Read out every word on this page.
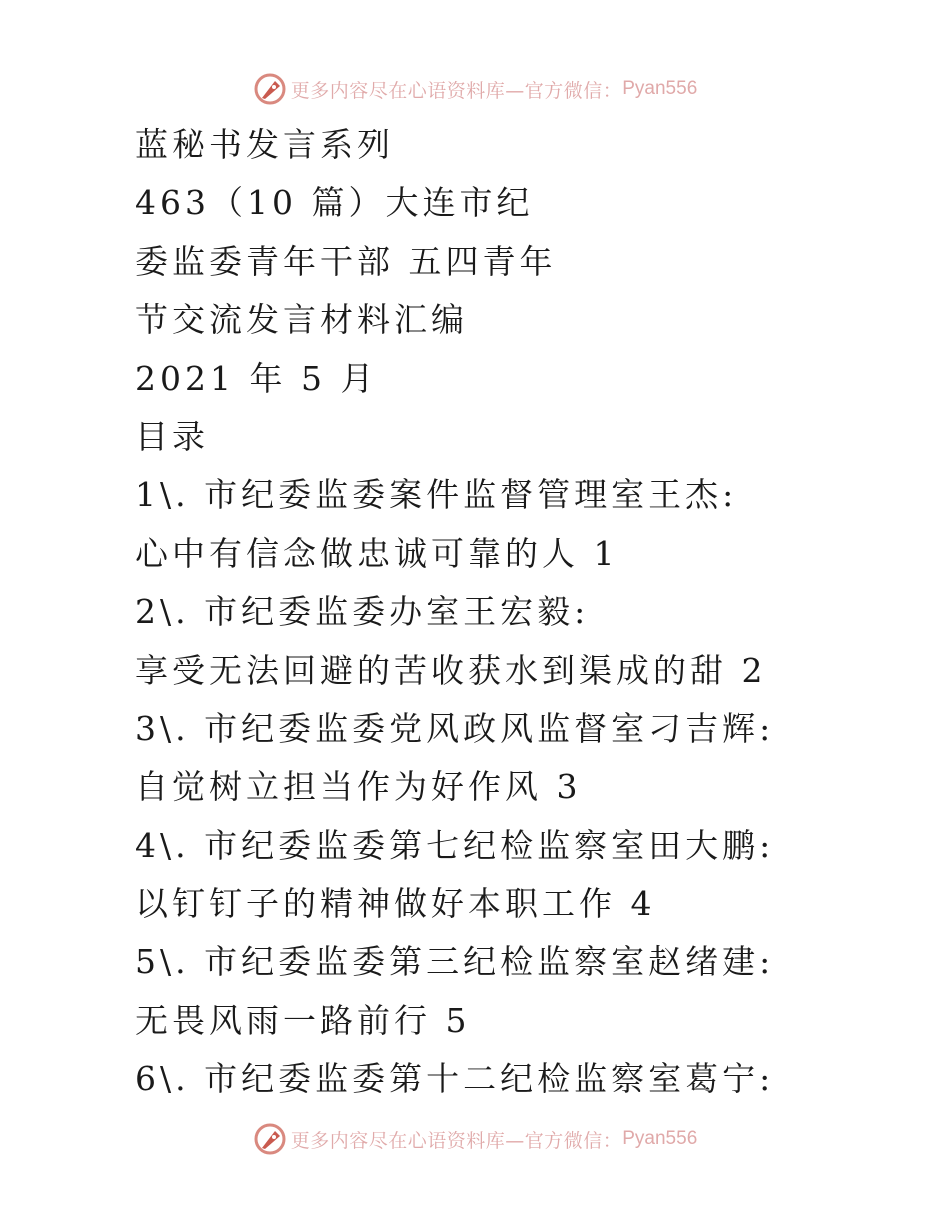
更多内容尽在心语资料库—官方微信： Pyan556
蓝秘书发言系列
463（10 篇）大连市纪
委监委青年干部 五四青年
节交流发言材料汇编
2021 年 5 月
目录
1\. 市纪委监委案件监督管理室王杰:
心中有信念做忠诚可靠的人 1
2\. 市纪委监委办室王宏毅:
享受无法回避的苦收获水到渠成的甜 2
3\. 市纪委监委党风政风监督室刁吉辉:
自觉树立担当作为好作风 3
4\. 市纪委监委第七纪检监察室田大鹏:
以钉钉子的精神做好本职工作 4
5\. 市纪委监委第三纪检监察室赵绪建:
无畏风雨一路前行 5
6\. 市纪委监委第十二纪检监察室葛宁:
更多内容尽在心语资料库—官方微信： Pyan556
